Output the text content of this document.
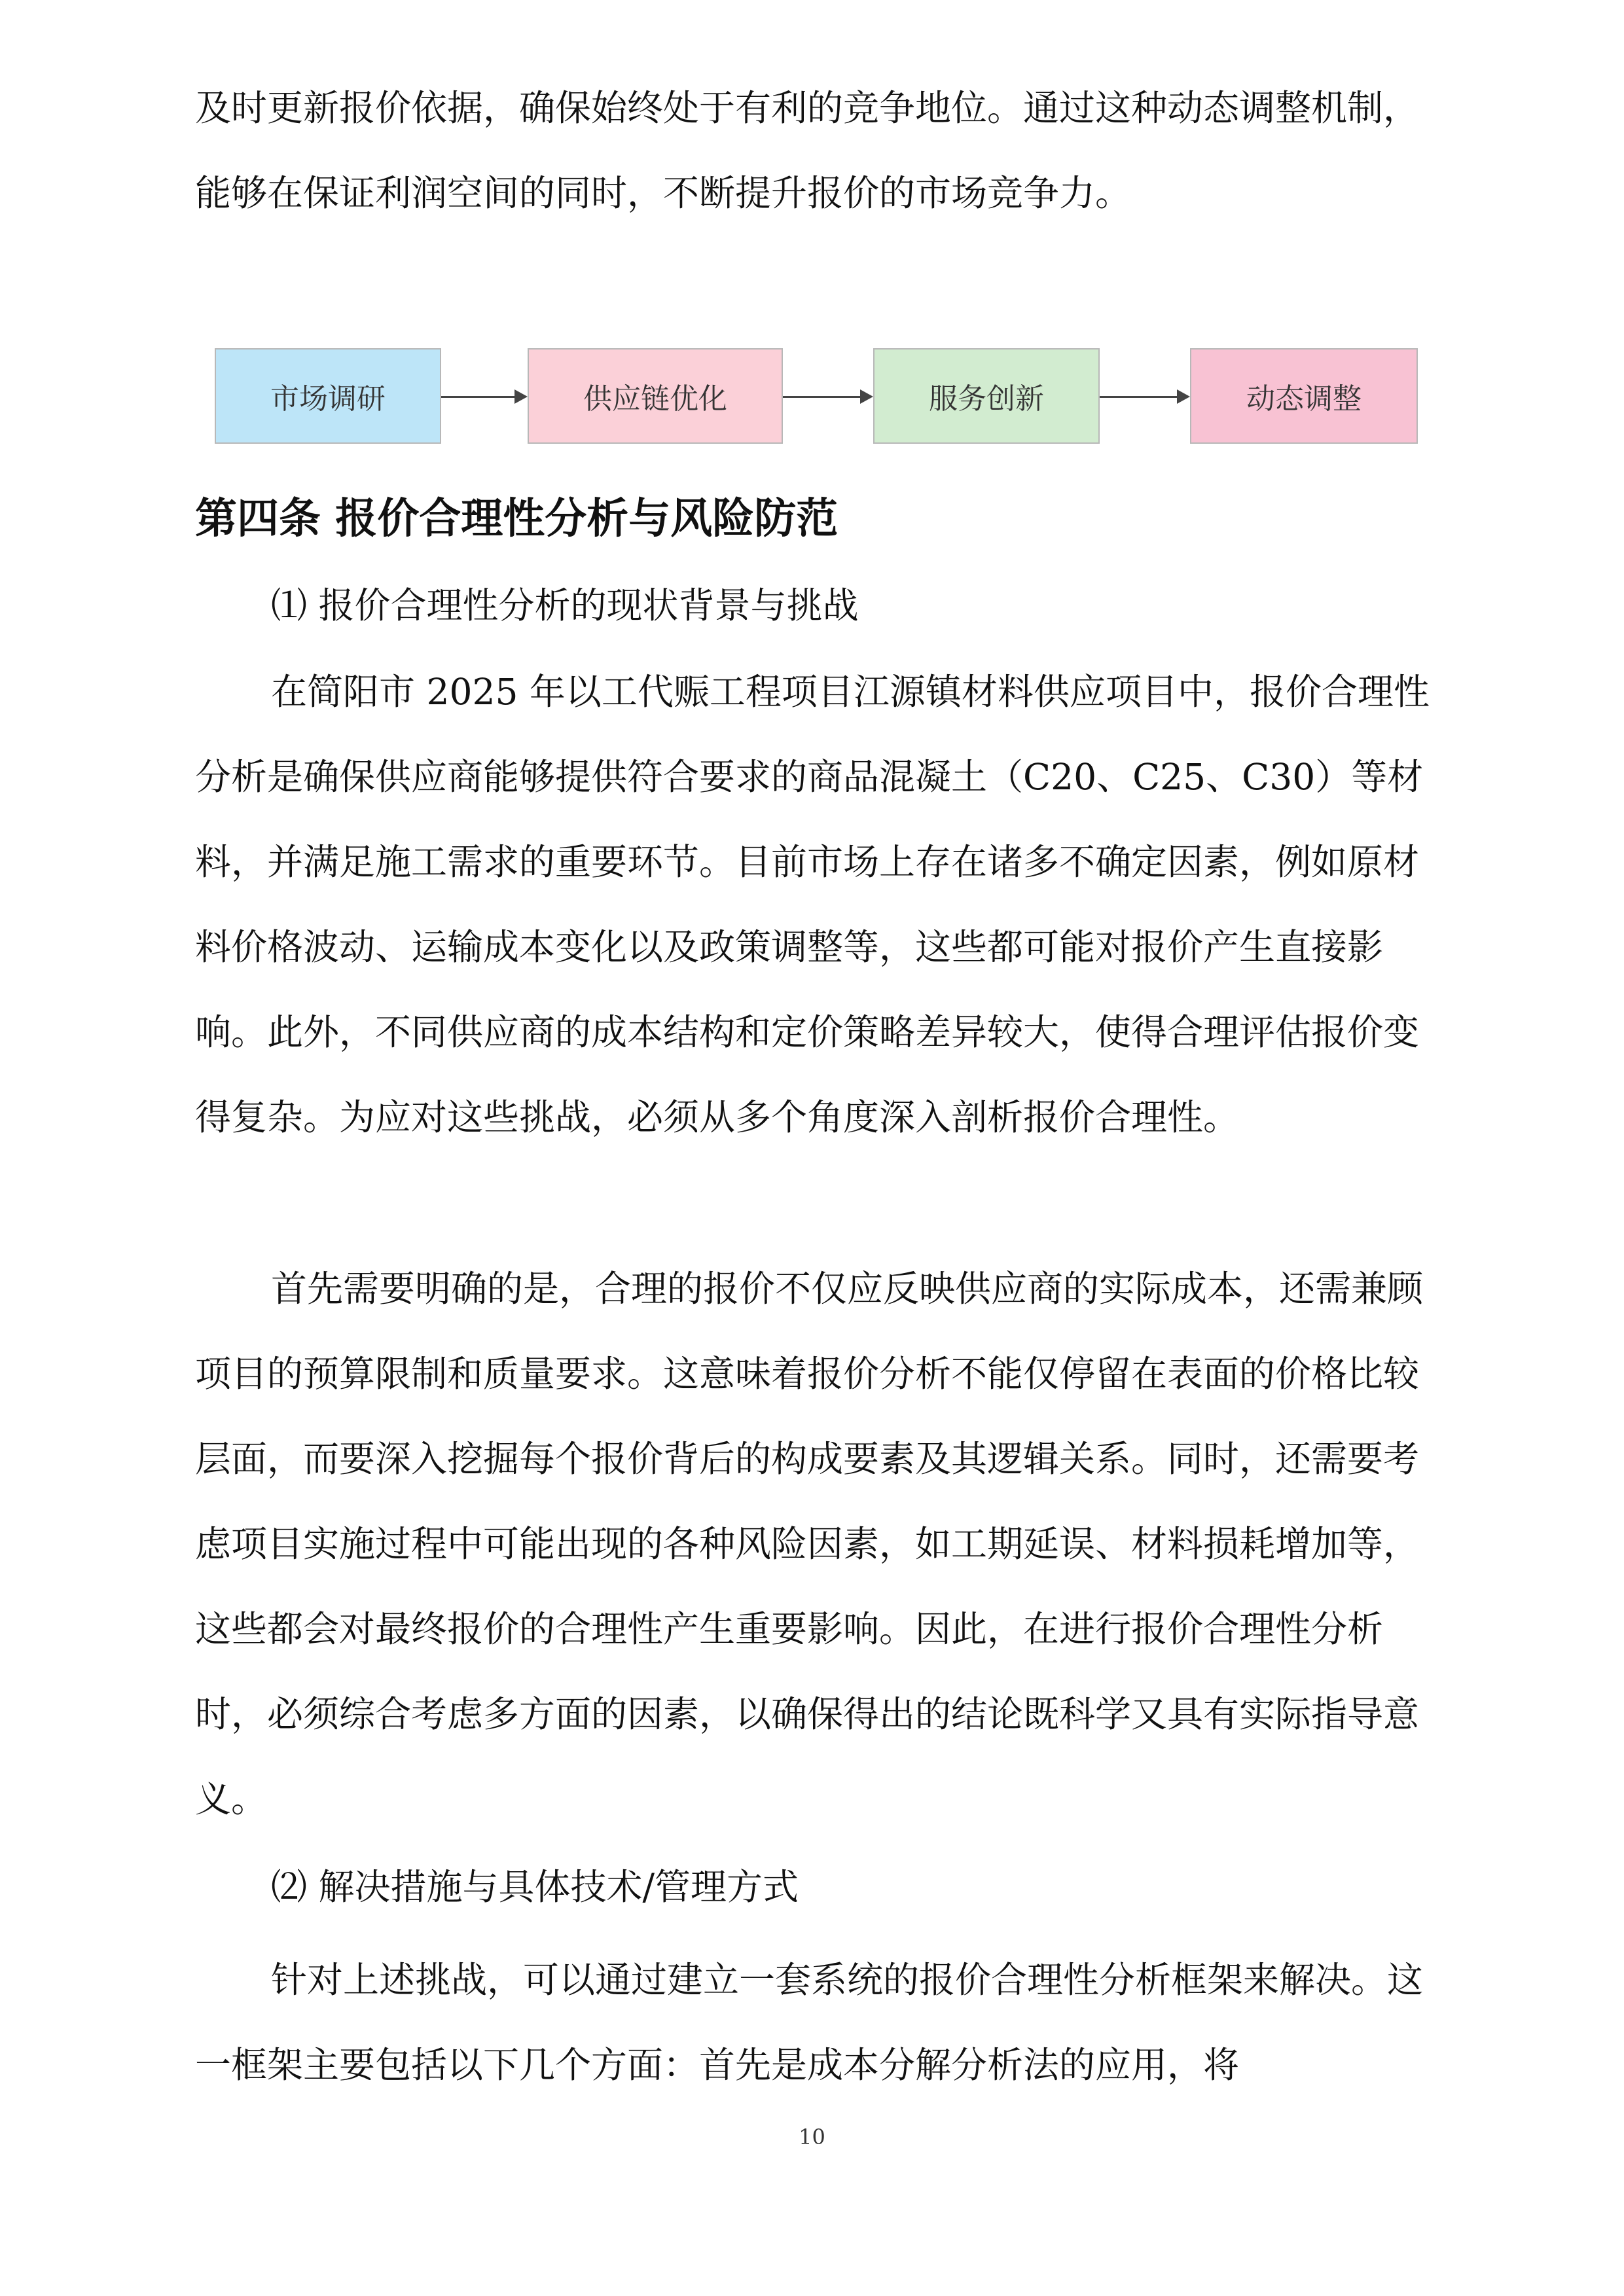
及时更新报价依据，确保始终处于有利的竞争地位。通过这种动态调整机制，能够在保证利润空间的同时，不断提升报价的市场竞争力。

市场调研	供应链优化	服务创新	动态调整
第四条 报价合理性分析与风险防范

⑴ 报价合理性分析的现状背景与挑战

在简阳市 2025 年以工代赈工程项目江源镇材料供应项目中，报价合理性分析是确保供应商能够提供符合要求的商品混凝土（C20、C25、C30）等材料，并满足施工需求的重要环节。目前市场上存在诸多不确定因素，例如原材料价格波动、运输成本变化以及政策调整等，这些都可能对报价产生直接影响。此外，不同供应商的成本结构和定价策略差异较大，使得合理评估报价变得复杂。为应对这些挑战，必须从多个角度深入剖析报价合理性。

首先需要明确的是，合理的报价不仅应反映供应商的实际成本，还需兼顾项目的预算限制和质量要求。这意味着报价分析不能仅停留在表面的价格比较层面，而要深入挖掘每个报价背后的构成要素及其逻辑关系。同时，还需要考虑项目实施过程中可能出现的各种风险因素，如工期延误、材料损耗增加等，这些都会对最终报价的合理性产生重要影响。因此，在进行报价合理性分析时，必须综合考虑多方面的因素，以确保得出的结论既科学又具有实际指导意义。

⑵ 解决措施与具体技术/管理方式

针对上述挑战，可以通过建立一套系统的报价合理性分析框架来解决。这一框架主要包括以下几个方面：首先是成本分解分析法的应用，将

10
